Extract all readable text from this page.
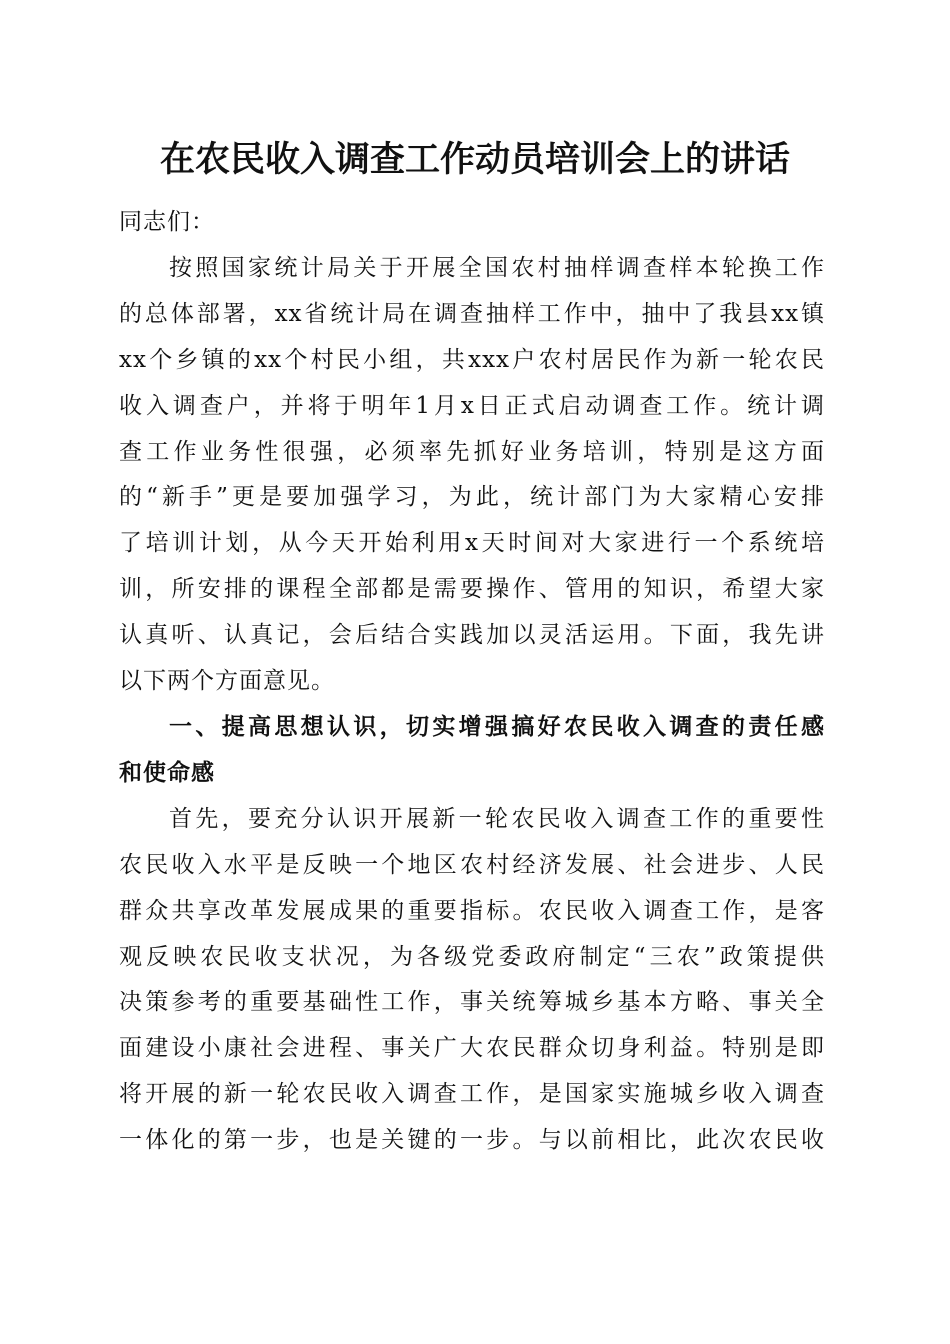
在农民收入调查工作动员培训会上的讲话

同志们：

按照国家统计局关于开展全国农村抽样调查样本轮换工作

的总体部署，xx省统计局在调查抽样工作中，抽中了我县xx镇

xx个乡镇的xx个村民小组，共xxx户农村居民作为新一轮农民

收入调查户，并将于明年1月x日正式启动调查工作。统计调

查工作业务性很强，必须率先抓好业务培训，特别是这方面

的“新手”更是要加强学习，为此，统计部门为大家精心安排

了培训计划，从今天开始利用x天时间对大家进行一个系统培

训，所安排的课程全部都是需要操作、管用的知识，希望大家

认真听、认真记，会后结合实践加以灵活运用。下面，我先讲

以下两个方面意见。

一、提高思想认识，切实增强搞好农民收入调查的责任感

和使命感

首先，要充分认识开展新一轮农民收入调查工作的重要性

农民收入水平是反映一个地区农村经济发展、社会进步、人民

群众共享改革发展成果的重要指标。农民收入调查工作，是客

观反映农民收支状况，为各级党委政府制定“三农”政策提供

决策参考的重要基础性工作，事关统筹城乡基本方略、事关全

面建设小康社会进程、事关广大农民群众切身利益。特别是即

将开展的新一轮农民收入调查工作，是国家实施城乡收入调查

一体化的第一步，也是关键的一步。与以前相比，此次农民收
